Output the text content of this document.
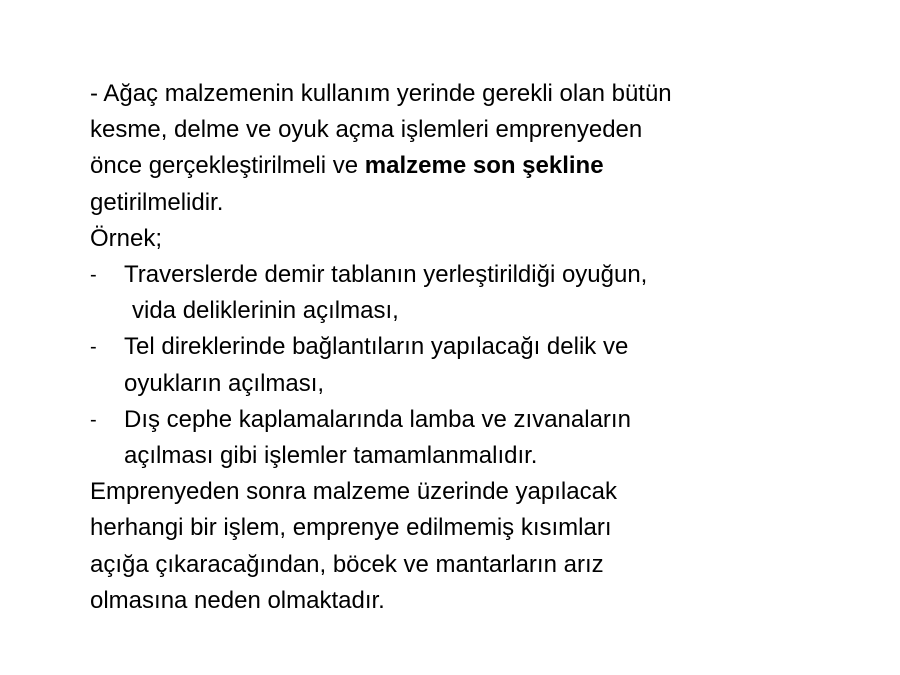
- Ağaç malzemenin kullanım yerinde gerekli olan bütün
kesme, delme ve oyuk açma işlemleri emprenyeden
önce gerçekleştirilmeli ve malzeme son şekline
getirilmelidir.
Örnek;
-	Traverslerde demir tablanın yerleştirildiği oyuğun,
vida deliklerinin açılması,
-	Tel direklerinde bağlantıların yapılacağı delik ve
oyukların açılması,
-	Dış cephe kaplamalarında lamba ve zıvanaların
açılması gibi işlemler tamamlanmalıdır.
Emprenyeden sonra malzeme üzerinde yapılacak
herhangi bir işlem, emprenye edilmemiş kısımları
açığa çıkaracağından, böcek ve mantarların arız
olmasına neden olmaktadır.
